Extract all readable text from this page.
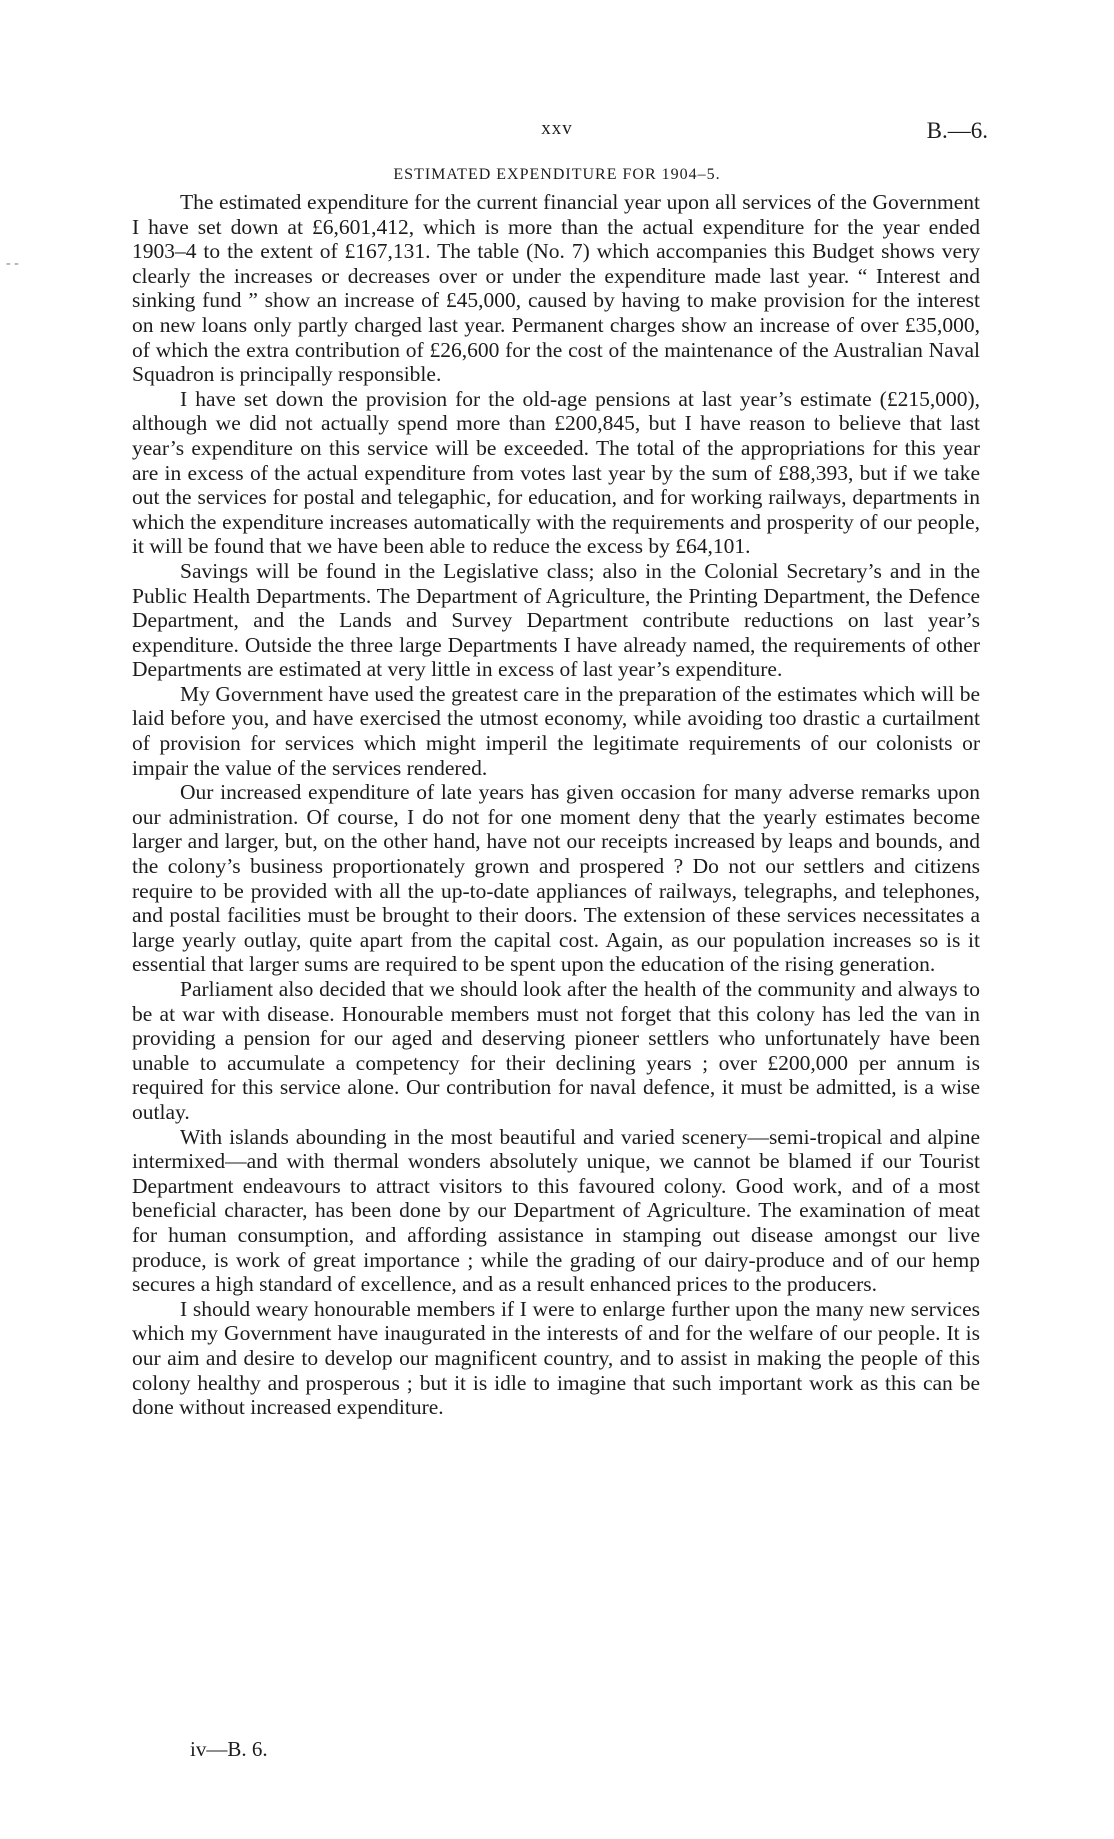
xxv	B.—6.
ESTIMATED EXPENDITURE FOR 1904–5.
- -

The estimated expenditure for the current financial year upon all services of the Government I have set down at £6,601,412, which is more than the actual expenditure for the year ended 1903–4 to the extent of £167,131. The table (No. 7) which accompanies this Budget shows very clearly the increases or decreases over or under the expenditure made last year. “ Interest and sinking fund ” show an increase of £45,000, caused by having to make provision for the interest on new loans only partly charged last year. Permanent charges show an increase of over £35,000, of which the extra contribution of £26,600 for the cost of the maintenance of the Australian Naval Squadron is principally responsible.

I have set down the provision for the old-age pensions at last year’s estimate (£215,000), although we did not actually spend more than £200,845, but I have reason to believe that last year’s expenditure on this service will be exceeded. The total of the appropriations for this year are in excess of the actual expenditure from votes last year by the sum of £88,393, but if we take out the services for postal and telegaphic, for education, and for working railways, departments in which the expenditure increases automatically with the requirements and prosperity of our people, it will be found that we have been able to reduce the excess by £64,101.

Savings will be found in the Legislative class; also in the Colonial Secretary’s and in the Public Health Departments. The Department of Agriculture, the Printing Department, the Defence Department, and the Lands and Survey Department contribute reductions on last year’s expenditure. Outside the three large Departments I have already named, the requirements of other Departments are estimated at very little in excess of last year’s expenditure.

My Government have used the greatest care in the preparation of the estimates which will be laid before you, and have exercised the utmost economy, while avoiding too drastic a curtailment of provision for services which might imperil the legitimate requirements of our colonists or impair the value of the services rendered.

Our increased expenditure of late years has given occasion for many adverse remarks upon our administration. Of course, I do not for one moment deny that the yearly estimates become larger and larger, but, on the other hand, have not our receipts increased by leaps and bounds, and the colony’s business proportionately grown and prospered ? Do not our settlers and citizens require to be provided with all the up-to-date appliances of railways, telegraphs, and telephones, and postal facilities must be brought to their doors. The extension of these services necessitates a large yearly outlay, quite apart from the capital cost. Again, as our population increases so is it essential that larger sums are required to be spent upon the education of the rising generation.

Parliament also decided that we should look after the health of the community and always to be at war with disease. Honourable members must not forget that this colony has led the van in providing a pension for our aged and deserving pioneer settlers who unfortunately have been unable to accumulate a competency for their declining years ; over £200,000 per annum is required for this service alone. Our contribution for naval defence, it must be admitted, is a wise outlay.

With islands abounding in the most beautiful and varied scenery—semi-tropical and alpine intermixed—and with thermal wonders absolutely unique, we cannot be blamed if our Tourist Department endeavours to attract visitors to this favoured colony. Good work, and of a most beneficial character, has been done by our Department of Agriculture. The examination of meat for human consumption, and affording assistance in stamping out disease amongst our live produce, is work of great importance ; while the grading of our dairy-produce and of our hemp secures a high standard of excellence, and as a result enhanced prices to the producers.

I should weary honourable members if I were to enlarge further upon the many new services which my Government have inaugurated in the interests of and for the welfare of our people. It is our aim and desire to develop our magnificent country, and to assist in making the people of this colony healthy and prosperous ; but it is idle to imagine that such important work as this can be done without increased expenditure.

iv—B. 6.
